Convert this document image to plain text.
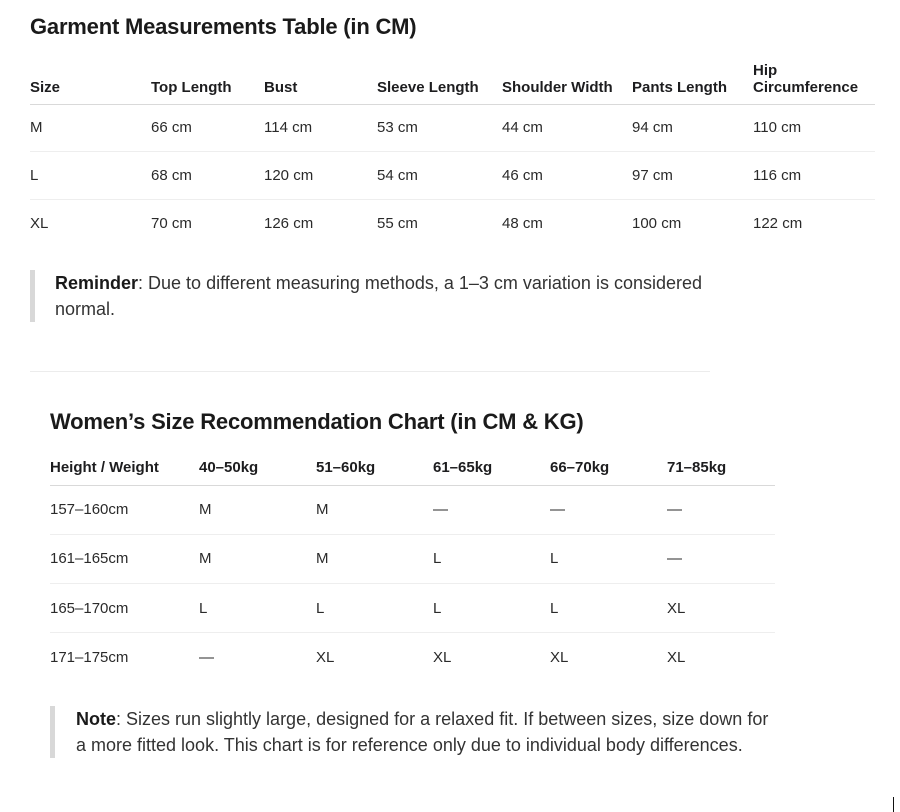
Garment Measurements Table (in CM)
Size	Top Length	Bust	Sleeve Length	Shoulder Width	Pants Length	Hip Circumference
M	66 cm	114 cm	53 cm	44 cm	94 cm	110 cm
L	68 cm	120 cm	54 cm	46 cm	97 cm	116 cm
XL	70 cm	126 cm	55 cm	48 cm	100 cm	122 cm
Reminder: Due to different measuring methods, a 1–3 cm variation is considered normal.
Women’s Size Recommendation Chart (in CM & KG)
Height / Weight	40–50kg	51–60kg	61–65kg	66–70kg	71–85kg
157–160cm	M	M	—	—	—
161–165cm	M	M	L	L	—
165–170cm	L	L	L	L	XL
171–175cm	—	XL	XL	XL	XL
Note: Sizes run slightly large, designed for a relaxed fit. If between sizes, size down for a more fitted look. This chart is for reference only due to individual body differences.
